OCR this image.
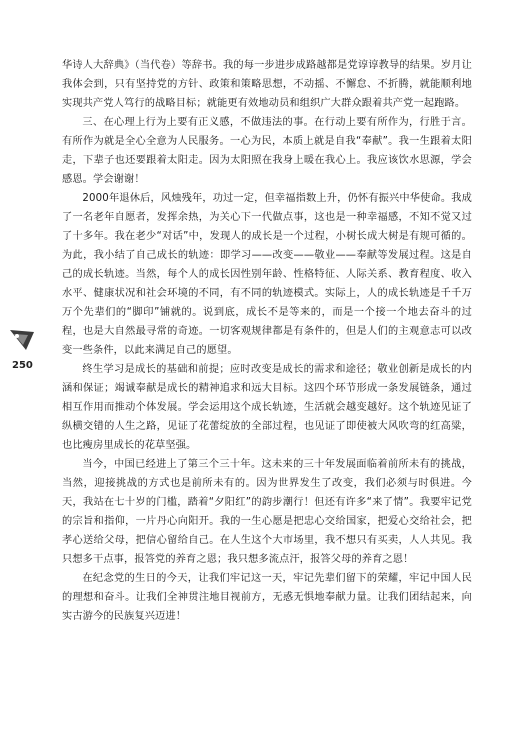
华诗人大辞典》（当代卷）等辞书。我的每一步进步成路越都是党谆谆教导的结果。岁月让我体会到，只有坚持党的方针、政策和策略思想，不动摇、不懈怠、不折腾，就能顺利地实现共产党人笃行的战略目标；就能更有效地动员和组织广大群众跟着共产党一起跑路。

三、在心理上行为上要有正义感，不做违法的事。在行动上要有所作为，行胜于言。有所作为就是全心全意为人民服务。一心为民，本质上就是自我“奉献”。我一生跟着太阳走，下辈子也还要跟着太阳走。因为太阳照在我身上暖在我心上。我应该饮水思源，学会感恩。学会谢谢！

2000年退休后，风烛残年，功过一定，但幸福指数上升，仍怀有振兴中华使命。我成了一名老年自愿者，发挥余热，为关心下一代做点事，这也是一种幸福感，不知不觉又过了十多年。我在老少“对话”中，发现人的成长是一个过程，小树长成大树是有规可循的。为此，我小结了自己成长的轨迹：即学习——改变——敬业——奉献等发展过程。这是自己的成长轨迹。当然，每个人的成长因性别年龄、性格特征、人际关系、教育程度、收入水平、健康状况和社会环境的不同，有不同的轨迹模式。实际上，人的成长轨迹是千千万万个先辈们的“脚印”铺就的。说到底，成长不是等来的，而是一个接一个地去奋斗的过程，也是大自然最寻常的奇迹。一切客观规律都是有条件的，但是人们的主观意志可以改变一些条件，以此来满足自己的愿望。

终生学习是成长的基础和前提；应时改变是成长的需求和途径；敬业创新是成长的内涵和保证；竭诚奉献是成长的精神追求和远大目标。这四个环节形成一条发展链条，通过相互作用而推动个体发展。学会运用这个成长轨迹，生活就会越变越好。这个轨迹见证了纵横交错的人生之路，见证了花蕾绽放的全部过程，也见证了即使被大风吹弯的红高粱，也比瘦房里成长的花草坚强。

当今，中国已经进上了第三个三十年。这未来的三十年发展面临着前所未有的挑战，当然，迎接挑战的方式也是前所未有的。因为世界发生了改变，我们必须与时俱进。今天，我站在七十岁的门槛，踏着“夕阳红”的韵步潮行！但还有许多“来了情”。我要牢记党的宗旨和指仰，一片丹心向阳开。我的一生心愿是把忠心交给国家，把爱心交给社会，把孝心送给父母，把信心留给自己。在人生这个大市场里，我不想只有买卖，人人共见。我只想多干点事，报答党的养育之恩；我只想多流点汗，报答父母的养育之恩！

在纪念党的生日的今天，让我们牢记这一天，牢记先辈们留下的荣耀，牢记中国人民的理想和奋斗。让我们全神贯注地目视前方，无惑无惧地奉献力量。让我们团结起来，向实古游今的民族复兴迈进！

250
